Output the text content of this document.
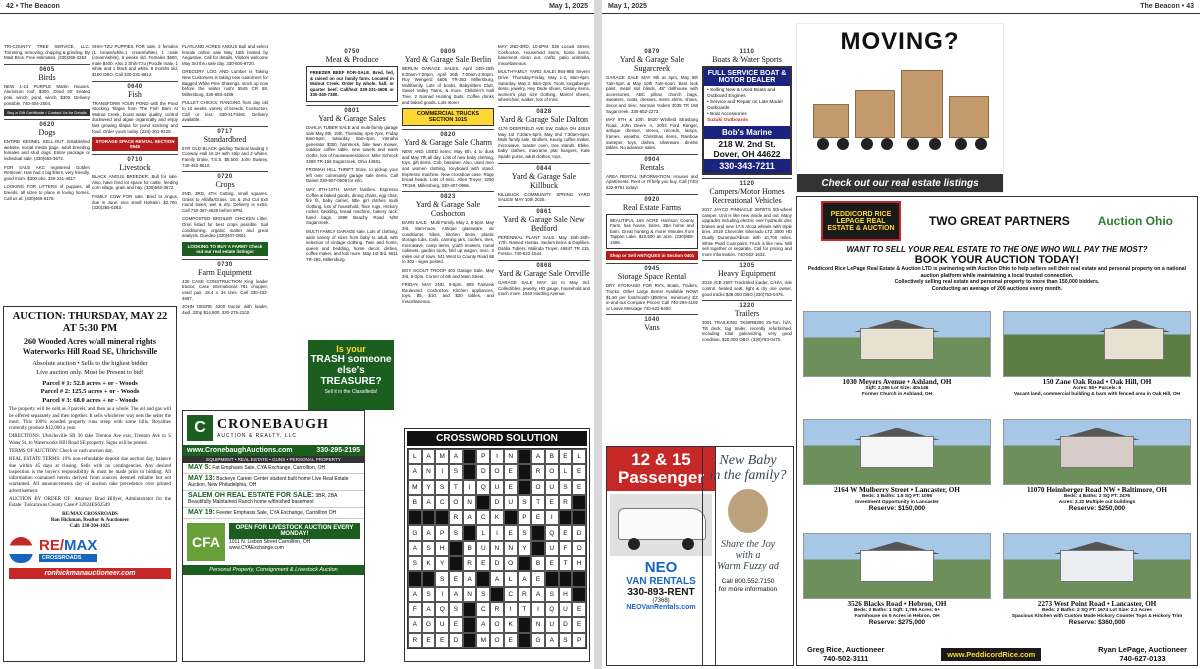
42 • The Beacon	May 1, 2025

TRI-COUNTY TREE SERVICE, LLC. Trimming, removing, chipping & grinding. By Mast Bros. Free estimates. (330)265-3263

0605
Birds

NEW 1-14 PURPLE Martin Houses. Aluminum roof, $300. Dried 20' treated pole, winch, pond, winch, $300. Delivery possible. 740-404-2504.

Buy a Gift Certificate • Contact Us for Details
0620
Dogs

ENTIRE KENNEL SELL-OUT. Established website, social media page, adult breeding females and stud dogs. Entire package or individual sale. (330)663-3672.

FOR SALE AKC registered Golden Retriever. Has had 4 big litters, very friendly, good mom. $300 obo. 330-231-4617

LOOKING FOR LITTERS of puppies, all breeds, all sizes to place in loving homes. Call us at: (330)466-6178.

SHIH-TZU PUPPIES FOR sale. 2 females (1 brown/white,1 cream/white) 1 male (cream/white), 8 weeks old. Females $600, male $400. Also 2 Shih-Tzu (Poodle male, 1 white and 1 black and white, 8 months old, $100 OBO. Call 330-231-8812.

0640
Fish

TRANSFORM YOUR POND with the Pond Stocking Tilapia from The Fish Barn At Walnut Creek, boost water quality, control duckweed and algae organically and enjoy fast growing tilapia for pond stocking and food. Order yours today. (234)-301-9229.

STORAGE SPACE RENTAL SECTION 0945
0710
Livestock

BLACK ANGUS BREEDER: Bull for sale. Also, have feed lot space for cattle, feeding corn silage, grain and hay. (330)663-3672.

FAMILY COW FOR sale. Bred to Angus, due in June, nice small Holstein. $2,700. (330)365-0283.

AUCTION: THURSDAY, MAY 22 AT 5:30 PM
260 Wooded Acres w/all mineral rights Waterworks Hill Road SE, Uhrichsville
Absolute auction • Sells to the highest bidder
Live auction only. Must be Present to bid!
Parcel # 1: 52.8 acres + or - Woods
Parcel # 2: 125.5 acres + or - Woods
Parcel # 3: 68.0 acres + or - Woods

The property will be sold as 3 parcels, and then as a whole. The oil and gas will be offered separately and then together. It sells whichever way nets the seller the most. This 100% wooded property runs steep with some hills. Royalties currently produce $12,000 a year.

DIRECTIONS: Uhrichsville SR 36 take Trenton Ave exit, Trenton Ave to S Water St, to Waterworks Hill Road SE property. Signs will be posted.

TERMS OF AUCTION: Check or cash auction day.

REAL ESTATE TERMS: 10% non-refundable deposit due auction day, balance due within 45 days at closing. Sells with no contingencies. Any desired inspection is the buyer's responsibility & must be made prior to bidding. All information contained herein derived from sources deemed reliable but not warranted. All announcements day of auction take precedence over printed advertisement.

AUCTION BY ORDER OF: Attorney Brad Hillyer, Administrator for the Estate. Tuscarawas County Case # 32024ES62549

RE/MAX CROSSROADS

Ron Hickman, Realtor & Auctioneer

Call: 330-204-1025

RE/MAX
CROSSROADS
ronhickmanauctioneer.com

FLATLAND ACRES ANGUS Bull and select female online sale May 16th hosted by Angustive. Call for details. Visitors welcome May 3rd thru sale day. 330-600-9720.

GREGORY LOG AND Lumber is Taking New Customers is taking new customers for Bagged White Pine Shavings, stock up now before the winter rush! 5545 CR 68, Millersburg, 330-893-4489.

PULLET CHICKS, RANGING from day old to 10 weeks, variety of breeds, Coshocton. Call or text, 330-3173481. Delivery available.

0717
Standardbred

5YR OLD BLACK gelding Tactical landing x Conway Hall 16.1H with strip and 2 whites. Family broke, T.S.S. $8,500. John Swarey, 740-462-8610.

0720
Crops

2ND, 3RD, 4TH Cutting, small squares. Grass to Alfalfa/Grass. 1st & 2nd Cut 5x5 round bales, wet & dry. Delivery is extra. Call 740-387-4629 before 8PM.

COMPOSTED BROILER CHICKEN Litter. Omri listed for best crops possible. Soil conditioning, organic matter and great analysis. Dundee (330)407-0801.

LOOKING TO BUY A FARM? Check out our real estate listings!
0730
Farm Equipment

430 CASE CONSTRUCTION King loader tractor, Case International 781 chopper, used pair, 18.4 x 34 tires. Call 330-432-4687.

JOHN DEERE 4300 tractor with loader, 4wd, 32hp $14,900. 330-275-2102.

C CRONEBAUGH
AUCTION & REALTY, LLC
www.CronebaughAuctions.com	330-295-2195
EQUIPMENT • REAL ESTATE • GUNS • PERSONAL PROPERTY
MAY 5: Fat Emphasis Sale, CYA Exchange, Carrollton, OH
MAY 13: Buckeye Career Center student built home Live Real Estate Auction, New Philadelphia, OH
SALEM OH REAL ESTATE FOR SALE: 3BR, 2BA Beautifully Maintained Ranch home w/finished basement
MAY 19: Feeder Emphasis Sale, CYA Exchange, Carrollton OH
CFA
OPEN FOR LIVESTOCK AUCTION EVERY MONDAY!
1011 N. Lisbon Street Carrollton, OH
www.CYAExchange.com
Personal Property, Consignment & Livestock Auction
0750
Meat & Produce

FREEZER BEEF FOR-SALE. Bred, fed, & raised on our family farm. Located in Walnut Creek. Order by whole, half, or quarter beef. Call/text 330-231-4608 or 330-340-7380.

0801
Yard & Garage Sales

DAHLIA TUBER SALE and multi-family garage sale May 9th, 10th. Thursday 4pm-7pm, Friday 8am-5pm, Saturday 8am-3pm. Yamaha generator $350, hammock, bike lawn mower, outdoor coffee table, new towels and wash cloths, lots of housewares/decor. Mike Schrock 3289 TR-166 Sugarcreek, Ohio 44681.

FROMAH HILL THRIFT Store, to pickup your left over community garage sale items. Call Daniel 330-607-0509 for info.

MAY 8TH-10TH. MANY families. Espresso Coffee & baked goods, dining chairs, egg chair, fire fit, baby carrier, little girl clothes multi clothing, lots of household, floor rugs, Hickory rocker, bedding, bread machine, bakery rack, hand bags. 1898 Beachy Road N/W Sugarcreek.

MULTI FAMILY GARAGE sale. Lots of clothing, wide variety of sizes from baby to adult, with selection of vintage clothing. Twin and home, queen and bedding, home decor, dishes, coffee maker, and lots more. May 1st-3rd. 5811 TR-265, Millersburg.

Is your
TRASH someone else's TREASURE?
Sell it in the Classifieds!
0809
Yard & Garage Sale Berlin

BERLIN GARAGE SALES. April 24th-25th 8:00am-7:00pm, April 26th 7:00am-2:00pm. Roy Wengerd 6605 TR-362 Millersburg, Multifamily. Lots of books, Babysitters Club, Sweet Valley Twins, & more. Children's Hall Tree. 2 Nomad Hunting Suits. Coffee drinks and baked goods. Lots more!

COMMERCIAL TRUCKS SECTION 1015
0820
Yard & Garage Sale Charm

NEW AND USED items: May 6th, 4 to dusk and May 7th all day. Lots of new baby clothing, toys, gift items. Crib, bassinet. Also, used men and women clothing. Keyboard with stand. Espresso machine. New crossbow case. Rage broad heads. Lots of misc. Allen Troyer, 3250 TR159, Millersburg, 330-407-0966.

0823
Yard & Garage Sale Coshocton

BARN SALE - Multi Family. May 2, 8-5pm. May 3rd, 8am-noon. Antique glassware, air conditioner, bikes, kitchen items, plastic storage tubs, tools, canning jars, coolers, tires, microwave, camp items, youth mowers, metal cabinets, garden tools, fold up wagon, misc. 3 miles out of town. 541 West to County Road 58 to 303 - signs posted.

BOY SCOUT TROOP 403 Garage Sale. May 3rd, 9-2pm. Corner of 6th and Main Street.

FRIDAY, MAY 2ND, 9-6pm. 809 Fairview Boulevard, Coshocton. Kitchen appliances, toys, $5, $10, and $20 tables, and miscellaneous.

MAY 2ND-3RD, 10-5PM. 539 Locust Street, Coshocton. Household items, horse items, basement clean out, crafts, patio umbrella, miscellaneous.

MULTI-FAMILY YARD SALE! 984-985 Severn Drive. Thursday-Friday, May 1-2, 8am-6pm. Saturday, May 3, 8am-2pm. Tools, longaberger items, jewelry, Hey Dude shoes, Disney items, women's plus size clothing, Marcel sheets, wheelchair, walker, lots of misc.

0828
Yard & Garage Sale Dalton

4176 DEERFIELD AVE SW, Dalton OH 44618 May 1st 7:30am-5pm, May 2nd 7:30am-5pm. Multi family sale, strollers, Keurig coffee maker, microwave, toaster oven, tree stands. Ebike, baby clothes, macrame plat hangers, Kate Spade purse, adult clothes, toys.

0844
Yard & Garage Sale Killbuck

KILLBUCK COMMUNITY SPRING YARD SALES! MAY 10th 2025.

0861
Yard & Garage Sale New Bedford

PERENNIAL PLANT SALE. May 15th-16th-17th. Named Hostas. Sedum items & Daylilies. Dahlia Tubers. Malinda Troyer, 46847 TR 215, Fresno. 740-622-1544.

0868
Yard & Garage Sale Orrville

GARAGE SALE MAY 1st to May 3rd. Collectibles, jewelry, HO gauge, household and much more. 1540 Harding Avenue.

CROSSWORD SOLUTION
L	A	M	A	P	I	N	A	B	E	L
A	N	I	S	D	O	E	R	O	L	E
M	Y	S	T	I	Q	U	E	O	U	S	E
B	A	C	O	N	D	U	S	T	E	R
R	A	C	K	P	E	I
G	A	P	S	L	I	E	S	Q	E	D
A	S	H	B	U	N	N	Y	U	F	O
S	K	Y	R	E	D	O	B	E	T	H
S	E	A	A	L	A	E
A	S	I	A	N	S	C	R	A	S	H
F	A	Q	S	C	R	I	T	I	Q	U	E
A	G	U	E	A	O	K	N	U	D	E
R	E	E	D	M	O	E	G	A	S	P
May 1, 2025	The Beacon • 43
0879
Yard & Garage Sale Sugarcreek

GARAGE SALE MAY 9th at 4pm, May 9th 7am-5pm & May 10th 7am-noon. Best look paint, metal slot blinds, 48" dollhouse with accessories, ABC pillow, church bags, sweaters, coats, dresses, mens shirts, shoes, decor and misc. Norman Yoders 3035 TR 168 Sugarcreek. 330-852-2273.

MAY 9TH & 10th. 5620 Winfield Strasburg Road. John Deere A, 2003 Ford Ranger, antique dresser, stereo, records, lamps, frames, wreaths, Christmas items, Rainbow sweeper, toys, dishes, silverware, dinette tables. No advance sales.

0904
Rentals

AREA RENTAL INFORMATION. Houses and Apartments. Rent or I'll help you buy. Call (740) 622-9791 today!

0920
Real Estate Farms

BEAUTIFUL 184 ACRE Harrison County Farm, has house, barns, 3BA home and barn. Great hunting & more! Minutes from Tappan Lake. $10,600 an acre. (330)868-1695.

Shop or Sell ANTIQUES in Section 0401
0945
Storage Space Rental

DRY STORAGE! FOR RV's, Boats, Trailers, Trucks. Other Large Items! Available NOW! $1.50 per foot/month ($50/mo. minimum) EZ in-and-out Compare Prices! Call 740-294-4192 or Leave Message 740-622-8400

1040
Vans
1110
Boats & Water Sports
FULL SERVICE BOAT & MOTOR DEALER
• Selling New & Used Boats and Outboard Engines
• Service and Repair on Late Model Outboards
• Boat Accessories
Suzuki Outboards
Bob's Marine
218 W. 2nd St.
Dover, OH 44622
330-343-7211
1120
Campers/Motor Homes Recreational Vehicles

2017 JAYCO PINNACLE 36FBTS 5th-wheel camper. Unit is like new inside and out. Many upgrades including electric over hydraulic disc brakes and new 17.5 Alcoa wheels with triple tires. 2019 Chevrolet Silverado LTZ 3500 HD Dually Duramax/Allison with 10,700 miles. White Pearl Coat paint. Truck is like new. Will sell together or separate. Call for pricing and more information. 740-502-1632.

1205
Heavy Equipment

2019 JCB 250T TrackSkid loader, C/H/A, ride control, heated seat, light & dry one owner, good tracks $38,000 OBO (330)763-0475.

1220
Trailers

2001 TRAILKING TK50RB306 25-Ton, hi/A, Tilt deck, tag trailer, recently refurbished, including total galvanizing, very good condition. $20,000 OBO. (330)763-0475.

12 & 15
Passenger
NEO
VAN RENTALS
330-893-RENT
(7368)
NEOVanRentals.com
New Baby
in the family?
Share the Joy
with a
Warm Fuzzy ad
Call 800.552.7150
for more information
MOVING?
Check out our real estate listings
PEDDICORD RICE LEPAGE REAL ESTATE & AUCTION
TWO GREAT PARTNERS Auction Ohio
WANT TO SELL YOUR REAL ESTATE TO THE ONE WHO WILL PAY THE MOST?
BOOK YOUR AUCTION TODAY!
Peddicord Rice LePage Real Estate & Auction LTD is partnering with Auction Ohio to help sellers sell their real estate and personal property on a national auction platform while maintaining a local trusted connection.
Collectively selling real estate and personal property to more than 150,000 bidders.
Conducting an average of 200 auctions every month.
1030 Meyers Avenue • Ashland, OH
Sqft: 2,156 Lot Size: 40x146
Former Church in Ashland, OH
150 Zane Oak Road • Oak Hill, OH
Acres: 80+ Parcels: 6
Vacant land, commercial building & barn with fenced area in Oak Hill, OH
2164 W Mulberry Street • Lancaster, OH
Beds: 3 Baths: 1.5 SQ FT: 1056
Investment Opportunity in Lancaster
Reserve: $150,000
11070 Heimberger Road NW • Baltimore, OH
Beds: 4 Baths: 2 SQ FT: 2476
Acres: 2.32 Multiple out buildings
Reserve: $250,000
3526 Blacks Road • Hebron, OH
Beds: 3 Baths: 1 Sqft: 1,796 Acres: 5+
Farmhouse on 5 Acres in Hebron, OH
Reserve: $275,000
2273 West Point Road • Lancaster, OH
Beds: 2 Baths: 2 SQ FT: 1674 Lot Size: 2.1 Acres
Spacious Kitchen with Custom Made Hickory Counter Tops & Hickory Trim
Reserve: $360,000
Greg Rice, Auctioneer
740-502-3111	www.PeddicordRice.com	Ryan LePage, Auctioneer
740-627-0133
